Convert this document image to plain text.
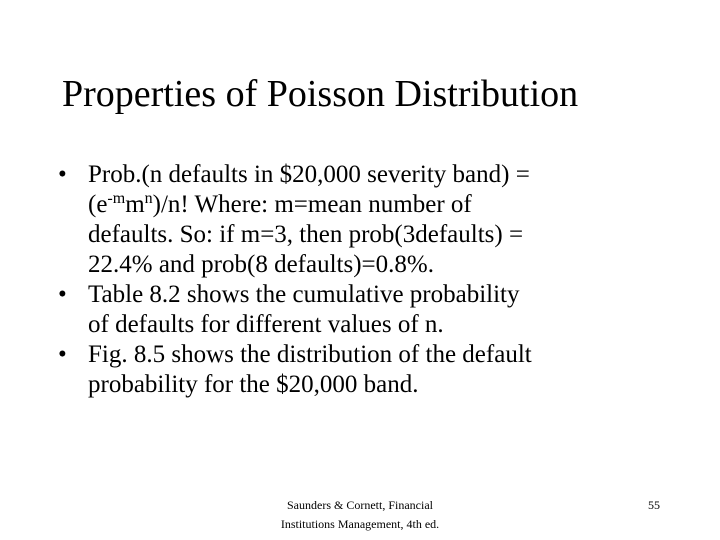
Properties of Poisson Distribution
• Prob.(n defaults in $20,000 severity band) =
$(e^{-m}m^n)/n$! Where: m=mean number of
defaults. So: if m=3, then prob(3defaults) =
22.4% and prob(8 defaults)=0.8%.
• Table 8.2 shows the cumulative probability
of defaults for different values of n.
• Fig. 8.5 shows the distribution of the default
probability for the $20,000 band.
Saunders & Cornett, Financial
Institutions Management, 4th ed.
55
